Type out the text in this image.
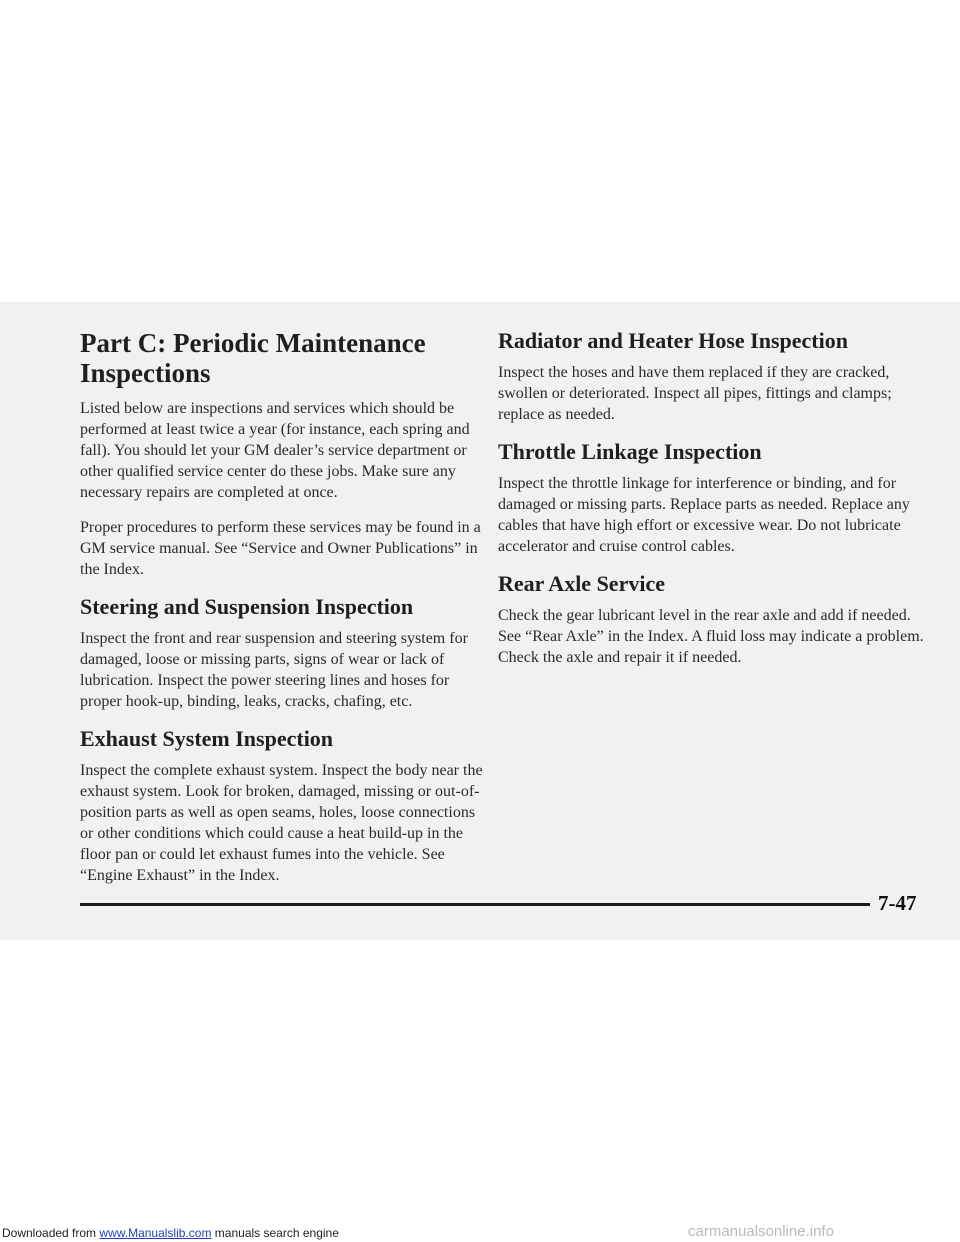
Part C: Periodic Maintenance
Inspections

Listed below are inspections and services which should be performed at least twice a year (for instance, each spring and fall). You should let your GM dealer’s service department or other qualified service center do these jobs. Make sure any necessary repairs are completed at once.

Proper procedures to perform these services may be found in a GM service manual. See “Service and Owner Publications” in the Index.

Steering and Suspension Inspection

Inspect the front and rear suspension and steering system for damaged, loose or missing parts, signs of wear or lack of lubrication. Inspect the power steering lines and hoses for proper hook-up, binding, leaks, cracks, chafing, etc.

Exhaust System Inspection

Inspect the complete exhaust system. Inspect the body near the exhaust system. Look for broken, damaged, missing or out-of-position parts as well as open seams, holes, loose connections or other conditions which could cause a heat build-up in the floor pan or could let exhaust fumes into the vehicle. See “Engine Exhaust” in the Index.

Radiator and Heater Hose Inspection

Inspect the hoses and have them replaced if they are cracked, swollen or deteriorated. Inspect all pipes, fittings and clamps; replace as needed.

Throttle Linkage Inspection

Inspect the throttle linkage for interference or binding, and for damaged or missing parts. Replace parts as needed. Replace any cables that have high effort or excessive wear. Do not lubricate accelerator and cruise control cables.

Rear Axle Service

Check the gear lubricant level in the rear axle and add if needed. See “Rear Axle” in the Index. A fluid loss may indicate a problem. Check the axle and repair it if needed.

7-47
Downloaded from www.Manualslib.com manuals search engine	carmanualsonline.info
